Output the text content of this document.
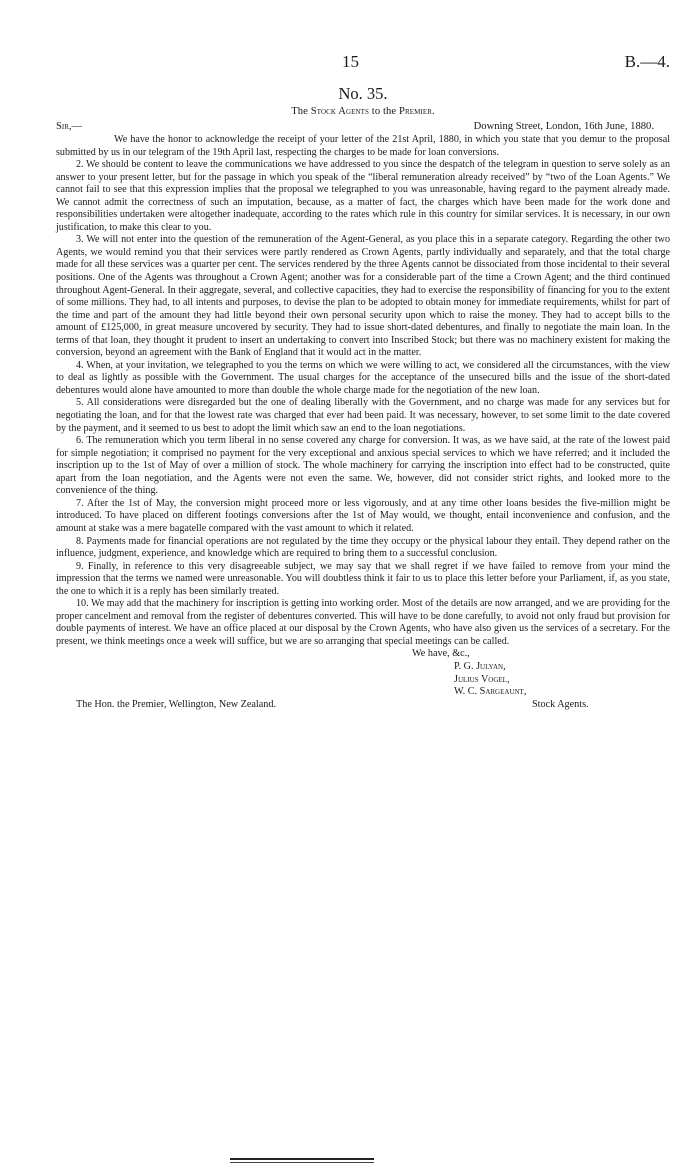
15	B.—4.
No. 35.
The Stock Agents to the Premier.
Sir,—	Downing Street, London, 16th June, 1880.

We have the honor to acknowledge the receipt of your letter of the 21st April, 1880, in which you state that you demur to the proposal submitted by us in our telegram of the 19th April last, respecting the charges to be made for loan conversions.

2. We should be content to leave the communications we have addressed to you since the despatch of the telegram in question to serve solely as an answer to your present letter, but for the passage in which you speak of the “liberal remuneration already received” by “two of the Loan Agents.” We cannot fail to see that this expression implies that the proposal we telegraphed to you was unreasonable, having regard to the payment already made. We cannot admit the correctness of such an imputation, because, as a matter of fact, the charges which have been made for the work done and responsibilities undertaken were altogether inadequate, according to the rates which rule in this country for similar services. It is necessary, in our own justification, to make this clear to you.

3. We will not enter into the question of the remuneration of the Agent-General, as you place this in a separate category. Regarding the other two Agents, we would remind you that their services were partly rendered as Crown Agents, partly individually and separately, and that the total charge made for all these services was a quarter per cent. The services rendered by the three Agents cannot be dissociated from those incidental to their several positions. One of the Agents was throughout a Crown Agent; another was for a considerable part of the time a Crown Agent; and the third continued throughout Agent-General. In their aggregate, several, and collective capacities, they had to exercise the responsibility of financing for you to the extent of some millions. They had, to all intents and purposes, to devise the plan to be adopted to obtain money for immediate requirements, whilst for part of the time and part of the amount they had little beyond their own personal security upon which to raise the money. They had to accept bills to the amount of £125,000, in great measure uncovered by security. They had to issue short-dated debentures, and finally to negotiate the main loan. In the terms of that loan, they thought it prudent to insert an undertaking to convert into Inscribed Stock; but there was no machinery existent for making the conversion, beyond an agreement with the Bank of England that it would act in the matter.

4. When, at your invitation, we telegraphed to you the terms on which we were willing to act, we considered all the circumstances, with the view to deal as lightly as possible with the Government. The usual charges for the acceptance of the unsecured bills and the issue of the short-dated debentures would alone have amounted to more than double the whole charge made for the negotiation of the new loan.

5. All considerations were disregarded but the one of dealing liberally with the Government, and no charge was made for any services but for negotiating the loan, and for that the lowest rate was charged that ever had been paid. It was necessary, however, to set some limit to the date covered by the payment, and it seemed to us best to adopt the limit which saw an end to the loan negotiations.

6. The remuneration which you term liberal in no sense covered any charge for conversion. It was, as we have said, at the rate of the lowest paid for simple negotiation; it comprised no payment for the very exceptional and anxious special services to which we have referred; and it included the inscription up to the 1st of May of over a million of stock. The whole machinery for carrying the inscription into effect had to be constructed, quite apart from the loan negotiation, and the Agents were not even the same. We, however, did not consider strict rights, and looked more to the convenience of the thing.

7. After the 1st of May, the conversion might proceed more or less vigorously, and at any time other loans besides the five-million might be introduced. To have placed on different footings conversions after the 1st of May would, we thought, entail inconvenience and confusion, and the amount at stake was a mere bagatelle compared with the vast amount to which it related.

8. Payments made for financial operations are not regulated by the time they occupy or the physical labour they entail. They depend rather on the influence, judgment, experience, and knowledge which are required to bring them to a successful conclusion.

9. Finally, in reference to this very disagreeable subject, we may say that we shall regret if we have failed to remove from your mind the impression that the terms we named were unreasonable. You will doubtless think it fair to us to place this letter before your Parliament, if, as you state, the one to which it is a reply has been similarly treated.

10. We may add that the machinery for inscription is getting into working order. Most of the details are now arranged, and we are providing for the proper cancelment and removal from the register of debentures converted. This will have to be done carefully, to avoid not only fraud but provision for double payments of interest. We have an office placed at our disposal by the Crown Agents, who have also given us the services of a secretary. For the present, we think meetings once a week will suffice, but we are so arranging that special meetings can be called.

We have, &c.,
P. G. Julyan,
Julius Vogel,
W. C. Sargeaunt,
The Hon. the Premier, Wellington, New Zealand.	Stock Agents.
